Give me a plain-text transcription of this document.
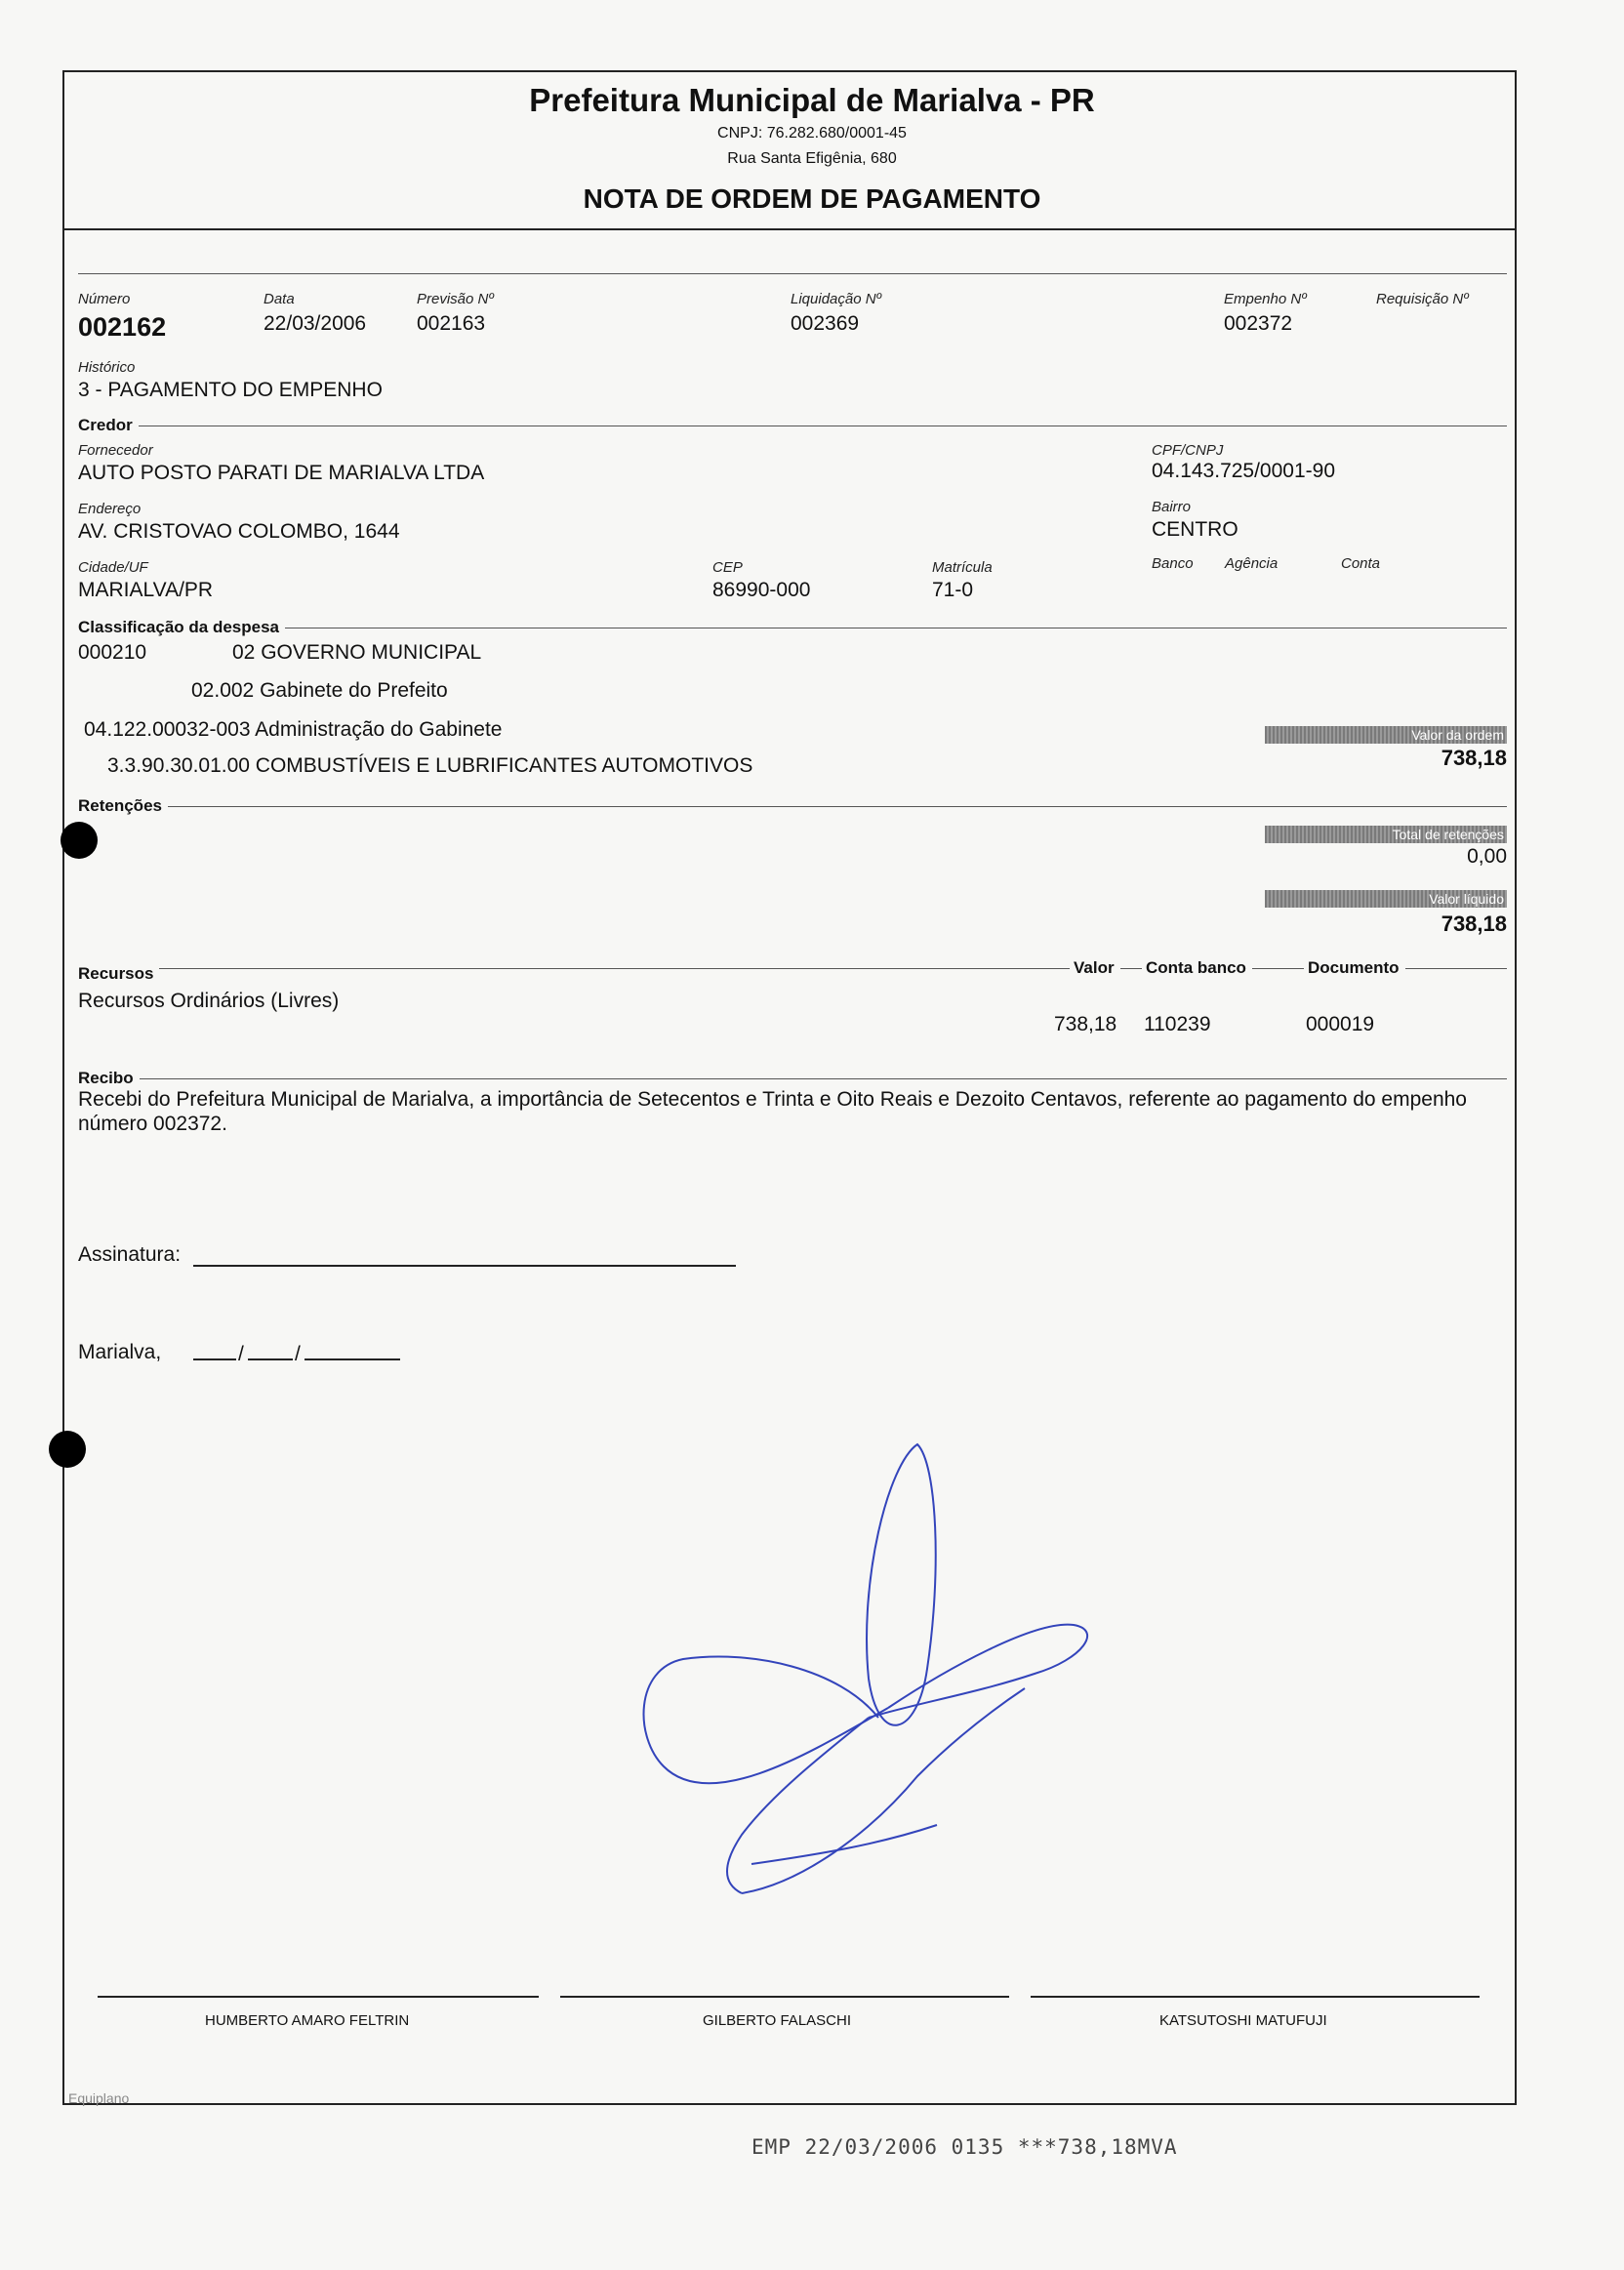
Prefeitura Municipal de Marialva - PR
CNPJ: 76.282.680/0001-45
Rua Santa Efigênia, 680
NOTA DE ORDEM DE PAGAMENTO
Número
002162
Data
22/03/2006
Previsão Nº
002163
Liquidação Nº
002369
Empenho Nº
002372
Requisição Nº
Histórico
3 - PAGAMENTO DO EMPENHO
Credor
Fornecedor
AUTO POSTO PARATI DE MARIALVA LTDA
CPF/CNPJ
04.143.725/0001-90
Endereço
AV. CRISTOVAO COLOMBO, 1644
Bairro
CENTRO
Cidade/UF
MARIALVA/PR
CEP
86990-000
Matrícula
71-0
Banco Agência	Conta
Classificação da despesa
000210	02 GOVERNO MUNICIPAL
02.002 Gabinete do Prefeito
04.122.00032-003 Administração do Gabinete
3.3.90.30.01.00 COMBUSTÍVEIS E LUBRIFICANTES AUTOMOTIVOS
Valor da ordem
738,18
Retenções
Total de retenções
0,00
Valor líquido
738,18
Recursos	Valor	Conta banco	Documento
Recursos Ordinários (Livres)
738,18 110239	000019
Recibo
Recebi do Prefeitura Municipal de Marialva, a importância de Setecentos e Trinta e Oito Reais e Dezoito Centavos, referente ao pagamento do empenho número 002372.
Assinatura:
Marialva,	/ /
HUMBERTO AMARO FELTRIN	GILBERTO FALASCHI	KATSUTOSHI MATUFUJI
Equiplano
EMP 22/03/2006 0135 ***738,18MVA
